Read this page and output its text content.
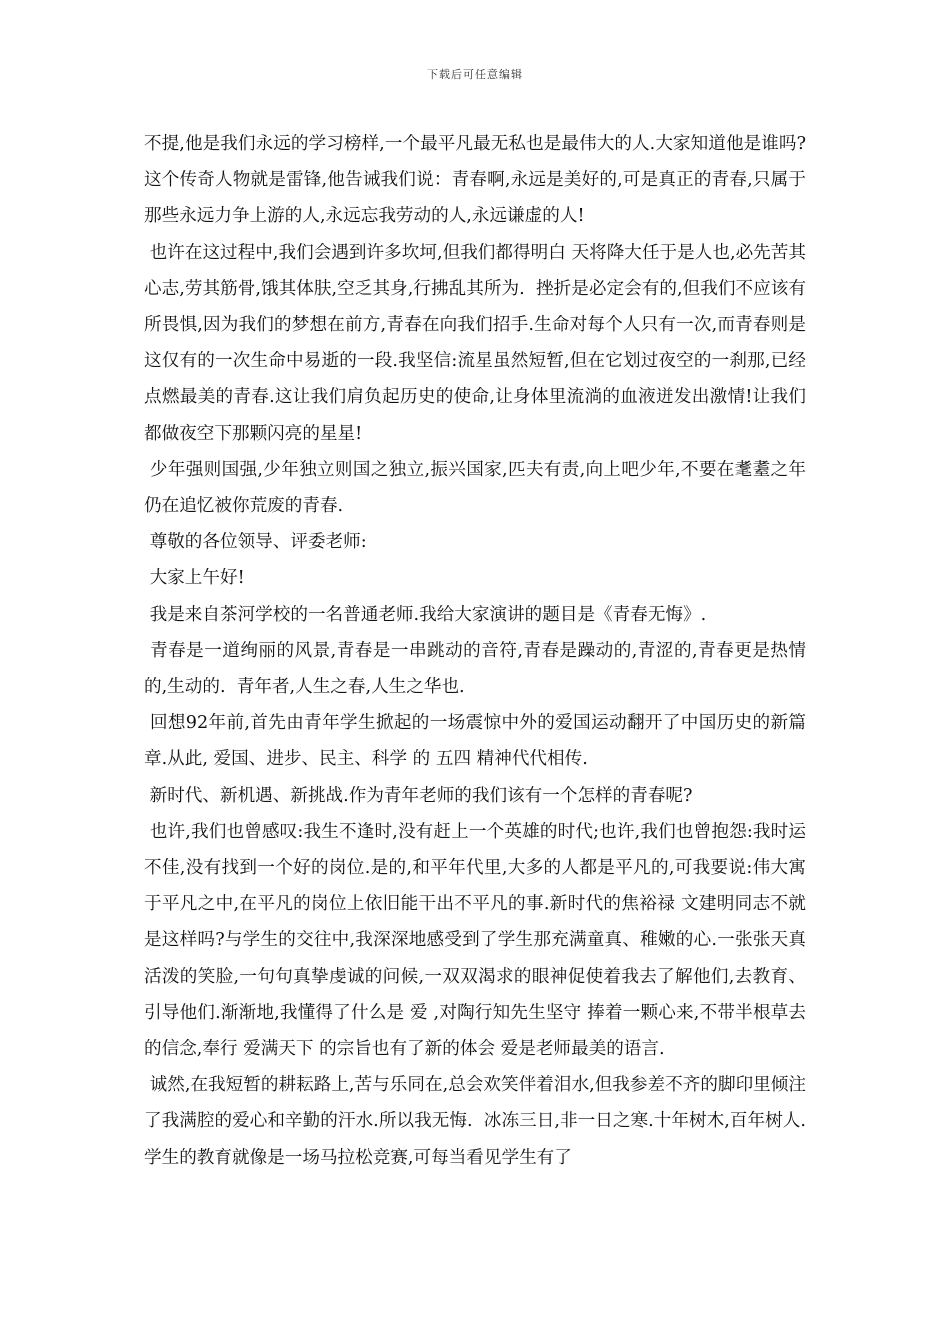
下载后可任意编辑

不提,他是我们永远的学习榜样,一个最平凡最无私也是最伟大的人.大家知道他是谁吗?这个传奇人物就是雷锋,他告诫我们说：青春啊,永远是美好的,可是真正的青春,只属于那些永远力争上游的人,永远忘我劳动的人,永远谦虚的人!

也许在这过程中,我们会遇到许多坎坷,但我们都得明白 天将降大任于是人也,必先苦其心志,劳其筋骨,饿其体肤,空乏其身,行拂乱其所为.  挫折是必定会有的,但我们不应该有所畏惧,因为我们的梦想在前方,青春在向我们招手.生命对每个人只有一次,而青春则是这仅有的一次生命中易逝的一段.我坚信:流星虽然短暂,但在它划过夜空的一刹那,已经点燃最美的青春.这让我们肩负起历史的使命,让身体里流淌的血液迸发出激情!让我们都做夜空下那颗闪亮的星星!

少年强则国强,少年独立则国之独立,振兴国家,匹夫有责,向上吧少年,不要在耄耋之年仍在追忆被你荒废的青春.

尊敬的各位领导、评委老师:

大家上午好!

我是来自茶河学校的一名普通老师.我给大家演讲的题目是《青春无悔》.

青春是一道绚丽的风景,青春是一串跳动的音符,青春是躁动的,青涩的,青春更是热情的,生动的.  青年者,人生之春,人生之华也.

回想92年前,首先由青年学生掀起的一场震惊中外的爱国运动翻开了中国历史的新篇章.从此, 爱国、进步、民主、科学 的 五四 精神代代相传.

新时代、新机遇、新挑战.作为青年老师的我们该有一个怎样的青春呢?

也许,我们也曾感叹:我生不逢时,没有赶上一个英雄的时代;也许,我们也曾抱怨:我时运不佳,没有找到一个好的岗位.是的,和平年代里,大多的人都是平凡的,可我要说:伟大寓于平凡之中,在平凡的岗位上依旧能干出不平凡的事.新时代的焦裕禄 文建明同志不就是这样吗?与学生的交往中,我深深地感受到了学生那充满童真、稚嫩的心.一张张天真活泼的笑脸,一句句真挚虔诚的问候,一双双渴求的眼神促使着我去了解他们,去教育、引导他们.渐渐地,我懂得了什么是 爱 ,对陶行知先生坚守 捧着一颗心来,不带半根草去 的信念,奉行 爱满天下 的宗旨也有了新的体会 爱是老师最美的语言.

诚然,在我短暂的耕耘路上,苦与乐同在,总会欢笑伴着泪水,但我参差不齐的脚印里倾注了我满腔的爱心和辛勤的汗水.所以我无悔.  冰冻三日,非一日之寒.十年树木,百年树人.  学生的教育就像是一场马拉松竞赛,可每当看见学生有了
